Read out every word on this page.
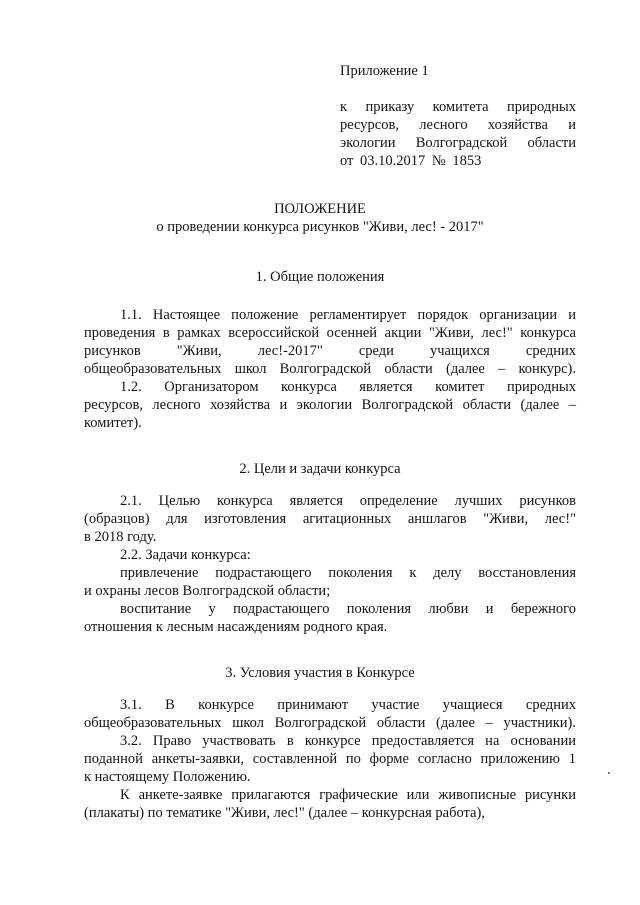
Приложение 1
к приказу комитета природных
ресурсов, лесного хозяйства и
экологии Волгоградской области
от 03.10.2017 № 1853
ПОЛОЖЕНИЕ
о проведении конкурса рисунков "Живи, лес! - 2017"
1. Общие положения
1.1. Настоящее положение регламентирует порядок организации и
проведения в рамках всероссийской осенней акции "Живи, лес!" конкурса
рисунков "Живи, лес!-2017" среди учащихся средних
общеобразовательных школ Волгоградской области (далее – конкурс).
1.2. Организатором конкурса является комитет природных
ресурсов, лесного хозяйства и экологии Волгоградской области (далее –
комитет).
2. Цели и задачи конкурса
2.1. Целью конкурса является определение лучших рисунков
(образцов) для изготовления агитационных аншлагов "Живи, лес!"
в 2018 году.
2.2. Задачи конкурса:
привлечение подрастающего поколения к делу восстановления
и охраны лесов Волгоградской области;
воспитание у подрастающего поколения любви и бережного
отношения к лесным насаждениям родного края.
3. Условия участия в Конкурсе
3.1. В конкурсе принимают участие учащиеся средних
общеобразовательных школ Волгоградской области (далее – участники).
3.2. Право участвовать в конкурсе предоставляется на основании
поданной анкеты-заявки, составленной по форме согласно приложению 1
к настоящему Положению.
К анкете-заявке прилагаются графические или живописные рисунки
(плакаты) по тематике "Живи, лес!" (далее – конкурсная работа),
